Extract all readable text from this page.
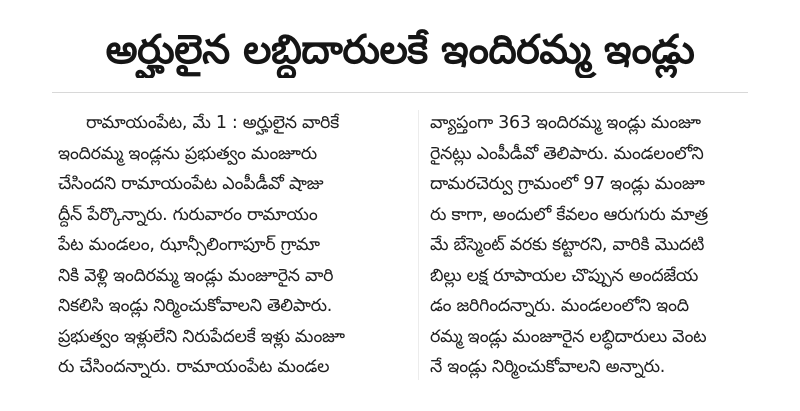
అర్హులైన లబ్ధిదారులకే ఇందిరమ్మ ఇండ్లు
రామాయంపేట, మే 1 : అర్హులైన వారికే
ఇందిరమ్మ ఇండ్లను ప్రభుత్వం మంజూరు
చేసిందని రామాయంపేట ఎంపీడీవో షాజు
ద్దీన్ పేర్కొన్నారు. గురువారం రామాయం
పేట మండలం, ఝాన్సీలింగాపూర్ గ్రామా
నికి వెళ్లి ఇందిరమ్మ ఇండ్లు మంజూరైన వారి
నికలిసి ఇండ్లు నిర్మించుకోవాలని తెలిపారు.
ప్రభుత్వం ఇళ్లులేని నిరుపేదలకే ఇళ్లు మంజూ
రు చేసిందన్నారు. రామాయంపేట మండల
వ్యాప్తంగా 363 ఇందిరమ్మ ఇండ్లు మంజూ
రైనట్లు ఎంపీడీవో తెలిపారు. మండలంలోని
దామరచెర్వు గ్రామంలో 97 ఇండ్లు మంజూ
రు కాగా, అందులో కేవలం ఆరుగురు మాత్ర
మే బేస్మెంట్ వరకు కట్టారని, వారికి మొదటి
బిల్లు లక్ష రూపాయల చొప్పున అందజేయ
డం జరిగిందన్నారు. మండలంలోని ఇంది
రమ్మ ఇండ్లు మంజూరైన లబ్ధిదారులు వెంట
నే ఇండ్లు నిర్మించుకోవాలని అన్నారు.
